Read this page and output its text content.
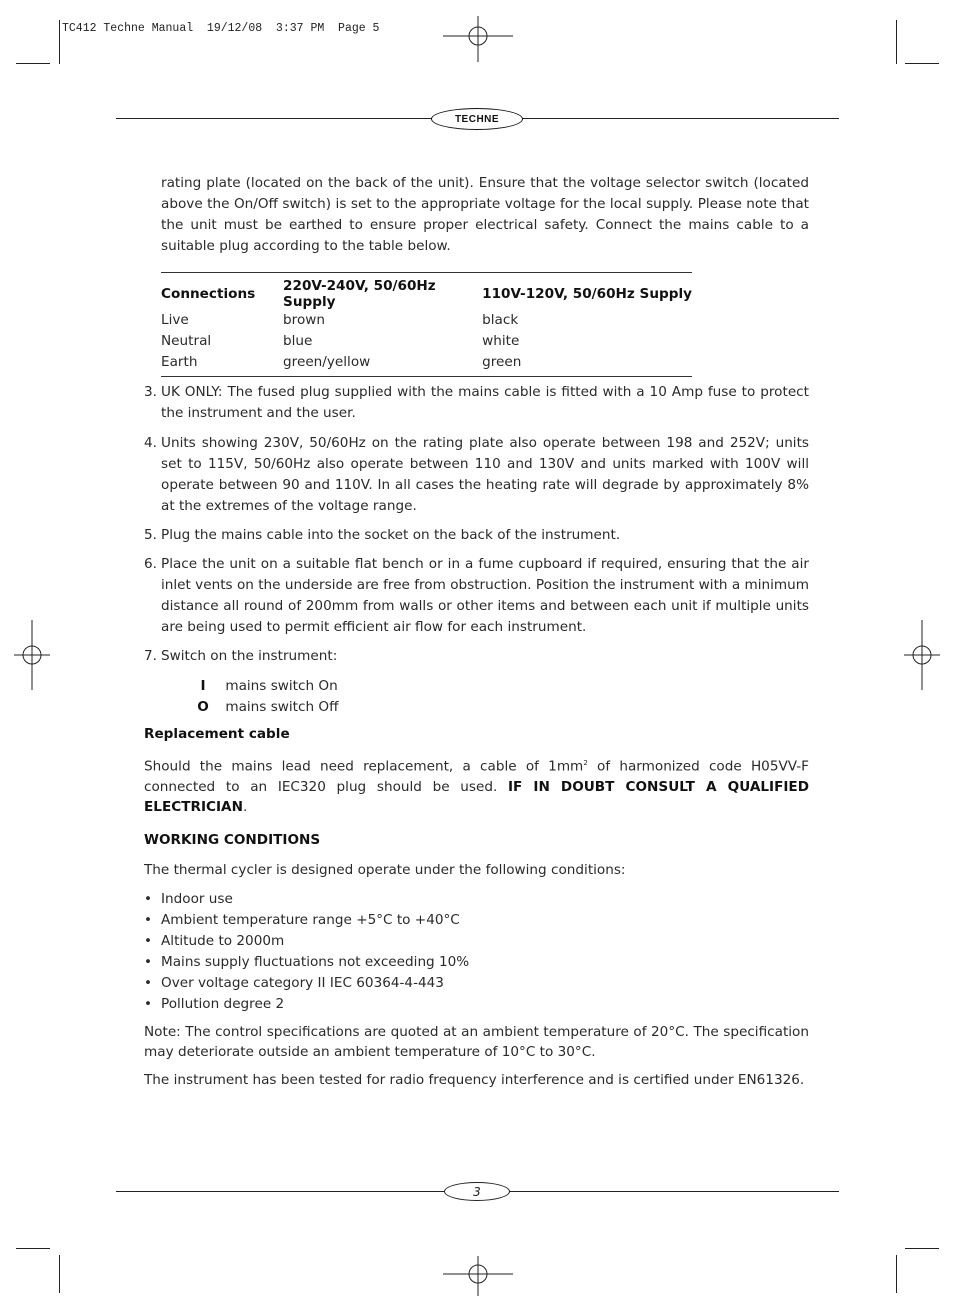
TC412 Techne Manual  19/12/08  3:37 PM  Page 5
TECHNE
rating plate (located on the back of the unit). Ensure that the voltage selector switch (located above the On/Off switch) is set to the appropriate voltage for the local supply. Please note that the unit must be earthed to ensure proper electrical safety. Connect the mains cable to a suitable plug according to the table below.
Connections	220V-240V, 50/60Hz Supply	110V-120V, 50/60Hz Supply
Live	brown	black
Neutral	blue	white
Earth	green/yellow	green
3. UK ONLY: The fused plug supplied with the mains cable is fitted with a 10 Amp fuse to protect the instrument and the user.
4. Units showing 230V, 50/60Hz on the rating plate also operate between 198 and 252V; units set to 115V, 50/60Hz also operate between 110 and 130V and units marked with 100V will operate between 90 and 110V. In all cases the heating rate will degrade by approximately 8% at the extremes of the voltage range.
5. Plug the mains cable into the socket on the back of the instrument.
6. Place the unit on a suitable flat bench or in a fume cupboard if required, ensuring that the air inlet vents on the underside are free from obstruction. Position the instrument with a minimum distance all round of 200mm from walls or other items and between each unit if multiple units are being used to permit efficient air flow for each instrument.
7. Switch on the instrument:
I mains switch On
O mains switch Off
Replacement cable
Should the mains lead need replacement, a cable of $1mm^2$ of harmonized code H05VV-F connected to an IEC320 plug should be used. IF IN DOUBT CONSULT A QUALIFIED ELECTRICIAN.
WORKING CONDITIONS
The thermal cycler is designed operate under the following conditions:
• Indoor use
• Ambient temperature range +5°C to +40°C
• Altitude to 2000m
• Mains supply fluctuations not exceeding 10%
• Over voltage category II IEC 60364-4-443
• Pollution degree 2
Note: The control specifications are quoted at an ambient temperature of 20°C. The specification may deteriorate outside an ambient temperature of 10°C to 30°C.
The instrument has been tested for radio frequency interference and is certified under EN61326.
3
